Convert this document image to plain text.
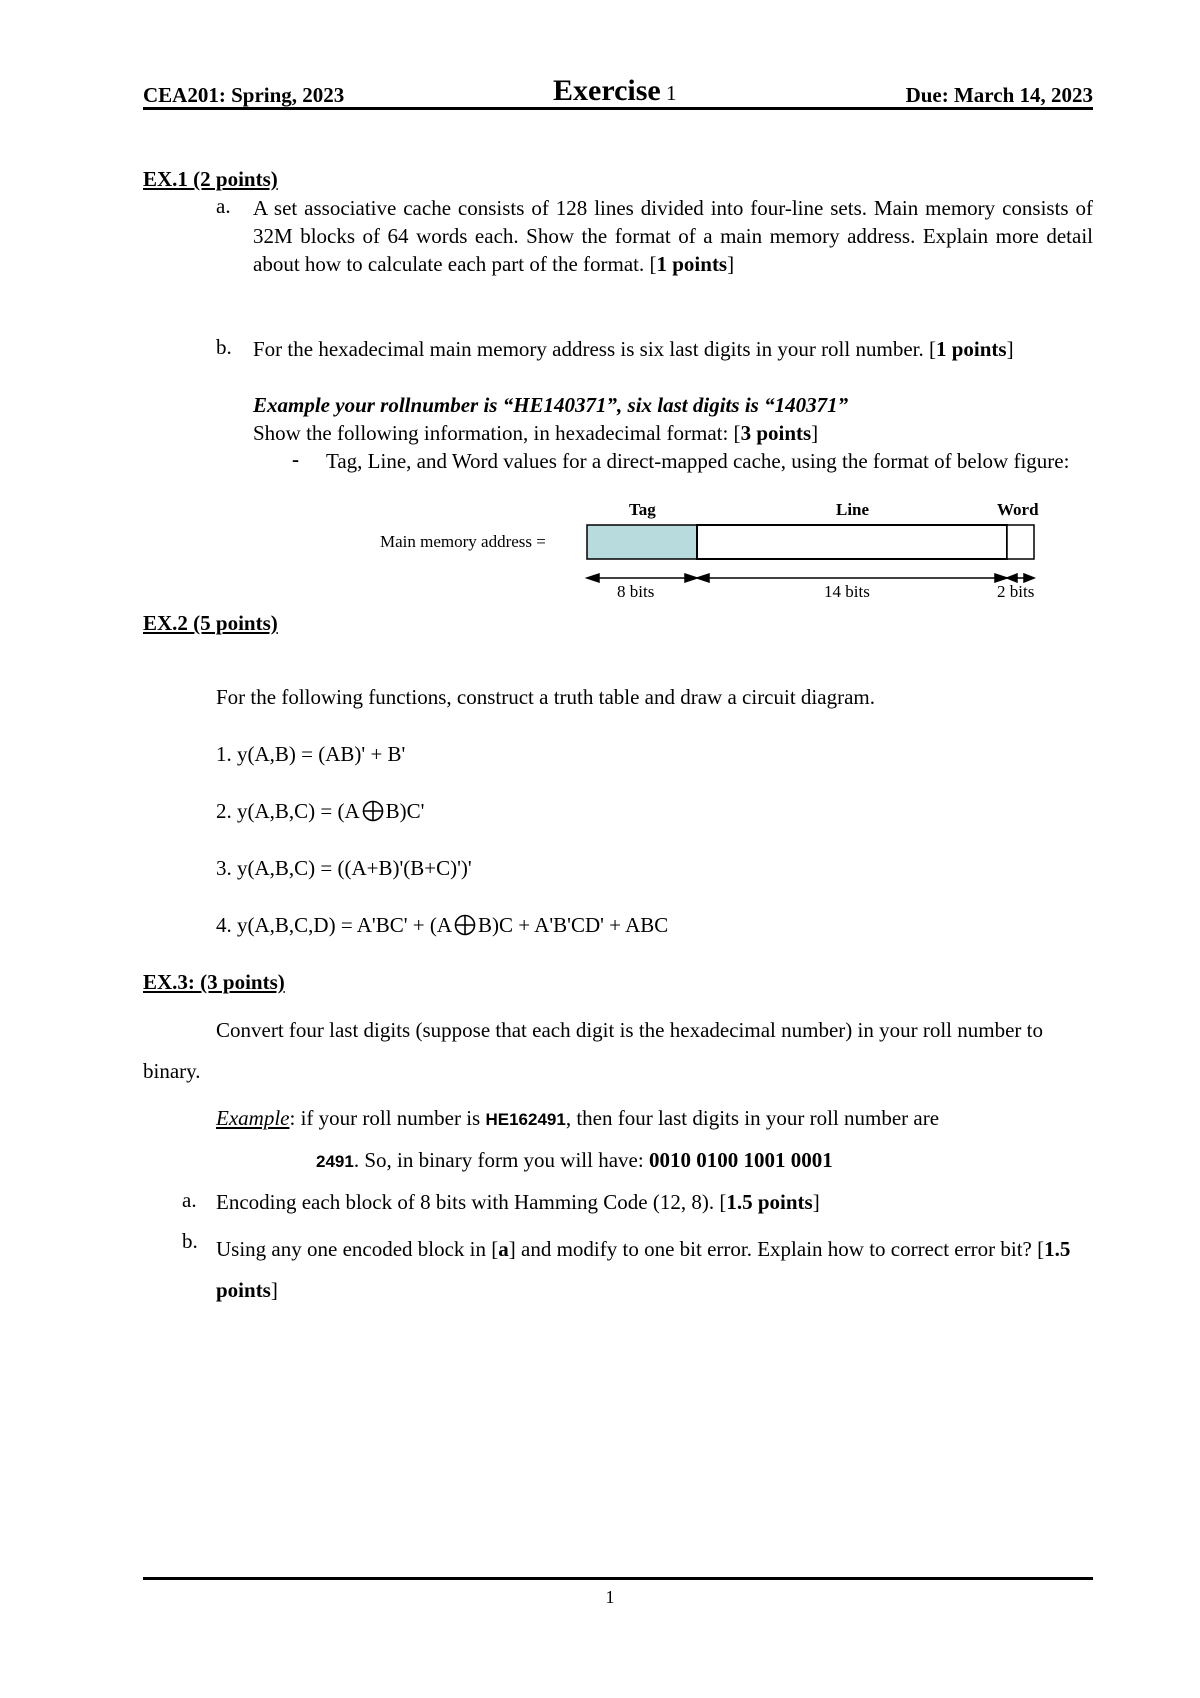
CEA201: Spring, 2023	Exercise 1	Due: March 14, 2023
EX.1 (2 points)
a. A set associative cache consists of 128 lines divided into four-line sets. Main memory consists of 32M blocks of 64 words each. Show the format of a main memory address. Explain more detail about how to calculate each part of the format. [1 points]
b. For the hexadecimal main memory address is six last digits in your roll number. [1 points]
Example your rollnumber is “HE140371”, six last digits is “140371”
Show the following information, in hexadecimal format: [3 points]
- Tag, Line, and Word values for a direct-mapped cache, using the format of below figure:
Main memory address =
Tag	Line	Word
8 bits	14 bits	2 bits
EX.2 (5 points)
For the following functions, construct a truth table and draw a circuit diagram.
1. y(A,B) = (AB)' + B'
2. y(A,B,C) = (A B)C'
3. y(A,B,C) = ((A+B)'(B+C)')'
4. y(A,B,C,D) = A'BC' + (A B)C + A'B'CD' + ABC
EX.3: (3 points)
Convert four last digits (suppose that each digit is the hexadecimal number) in your roll number to binary.
Example: if your roll number is HE162491, then four last digits in your roll number are
2491. So, in binary form you will have: 0010 0100 1001 0001
a. Encoding each block of 8 bits with Hamming Code (12, 8). [1.5 points]
b. Using any one encoded block in [a] and modify to one bit error. Explain how to correct error bit? [1.5 points]
1
